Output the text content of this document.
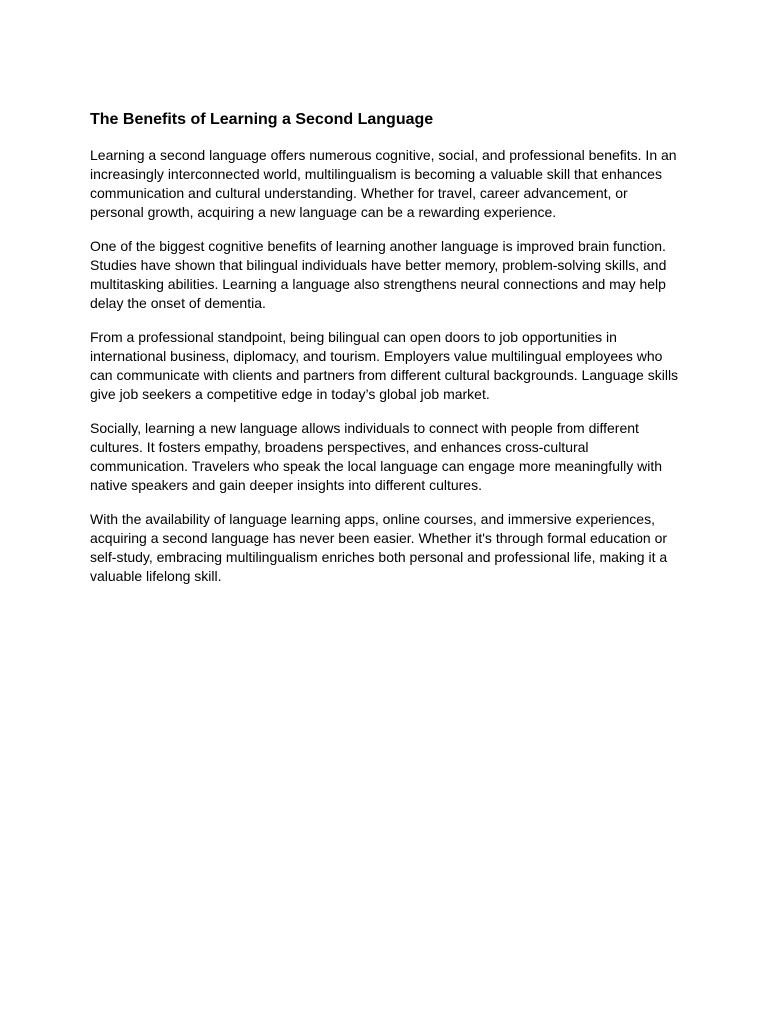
The Benefits of Learning a Second Language

Learning a second language offers numerous cognitive, social, and professional benefits. In an increasingly interconnected world, multilingualism is becoming a valuable skill that enhances communication and cultural understanding. Whether for travel, career advancement, or personal growth, acquiring a new language can be a rewarding experience.

One of the biggest cognitive benefits of learning another language is improved brain function. Studies have shown that bilingual individuals have better memory, problem-solving skills, and multitasking abilities. Learning a language also strengthens neural connections and may help delay the onset of dementia.

From a professional standpoint, being bilingual can open doors to job opportunities in international business, diplomacy, and tourism. Employers value multilingual employees who can communicate with clients and partners from different cultural backgrounds. Language skills give job seekers a competitive edge in today’s global job market.

Socially, learning a new language allows individuals to connect with people from different cultures. It fosters empathy, broadens perspectives, and enhances cross-cultural communication. Travelers who speak the local language can engage more meaningfully with native speakers and gain deeper insights into different cultures.

With the availability of language learning apps, online courses, and immersive experiences, acquiring a second language has never been easier. Whether it's through formal education or self-study, embracing multilingualism enriches both personal and professional life, making it a valuable lifelong skill.
